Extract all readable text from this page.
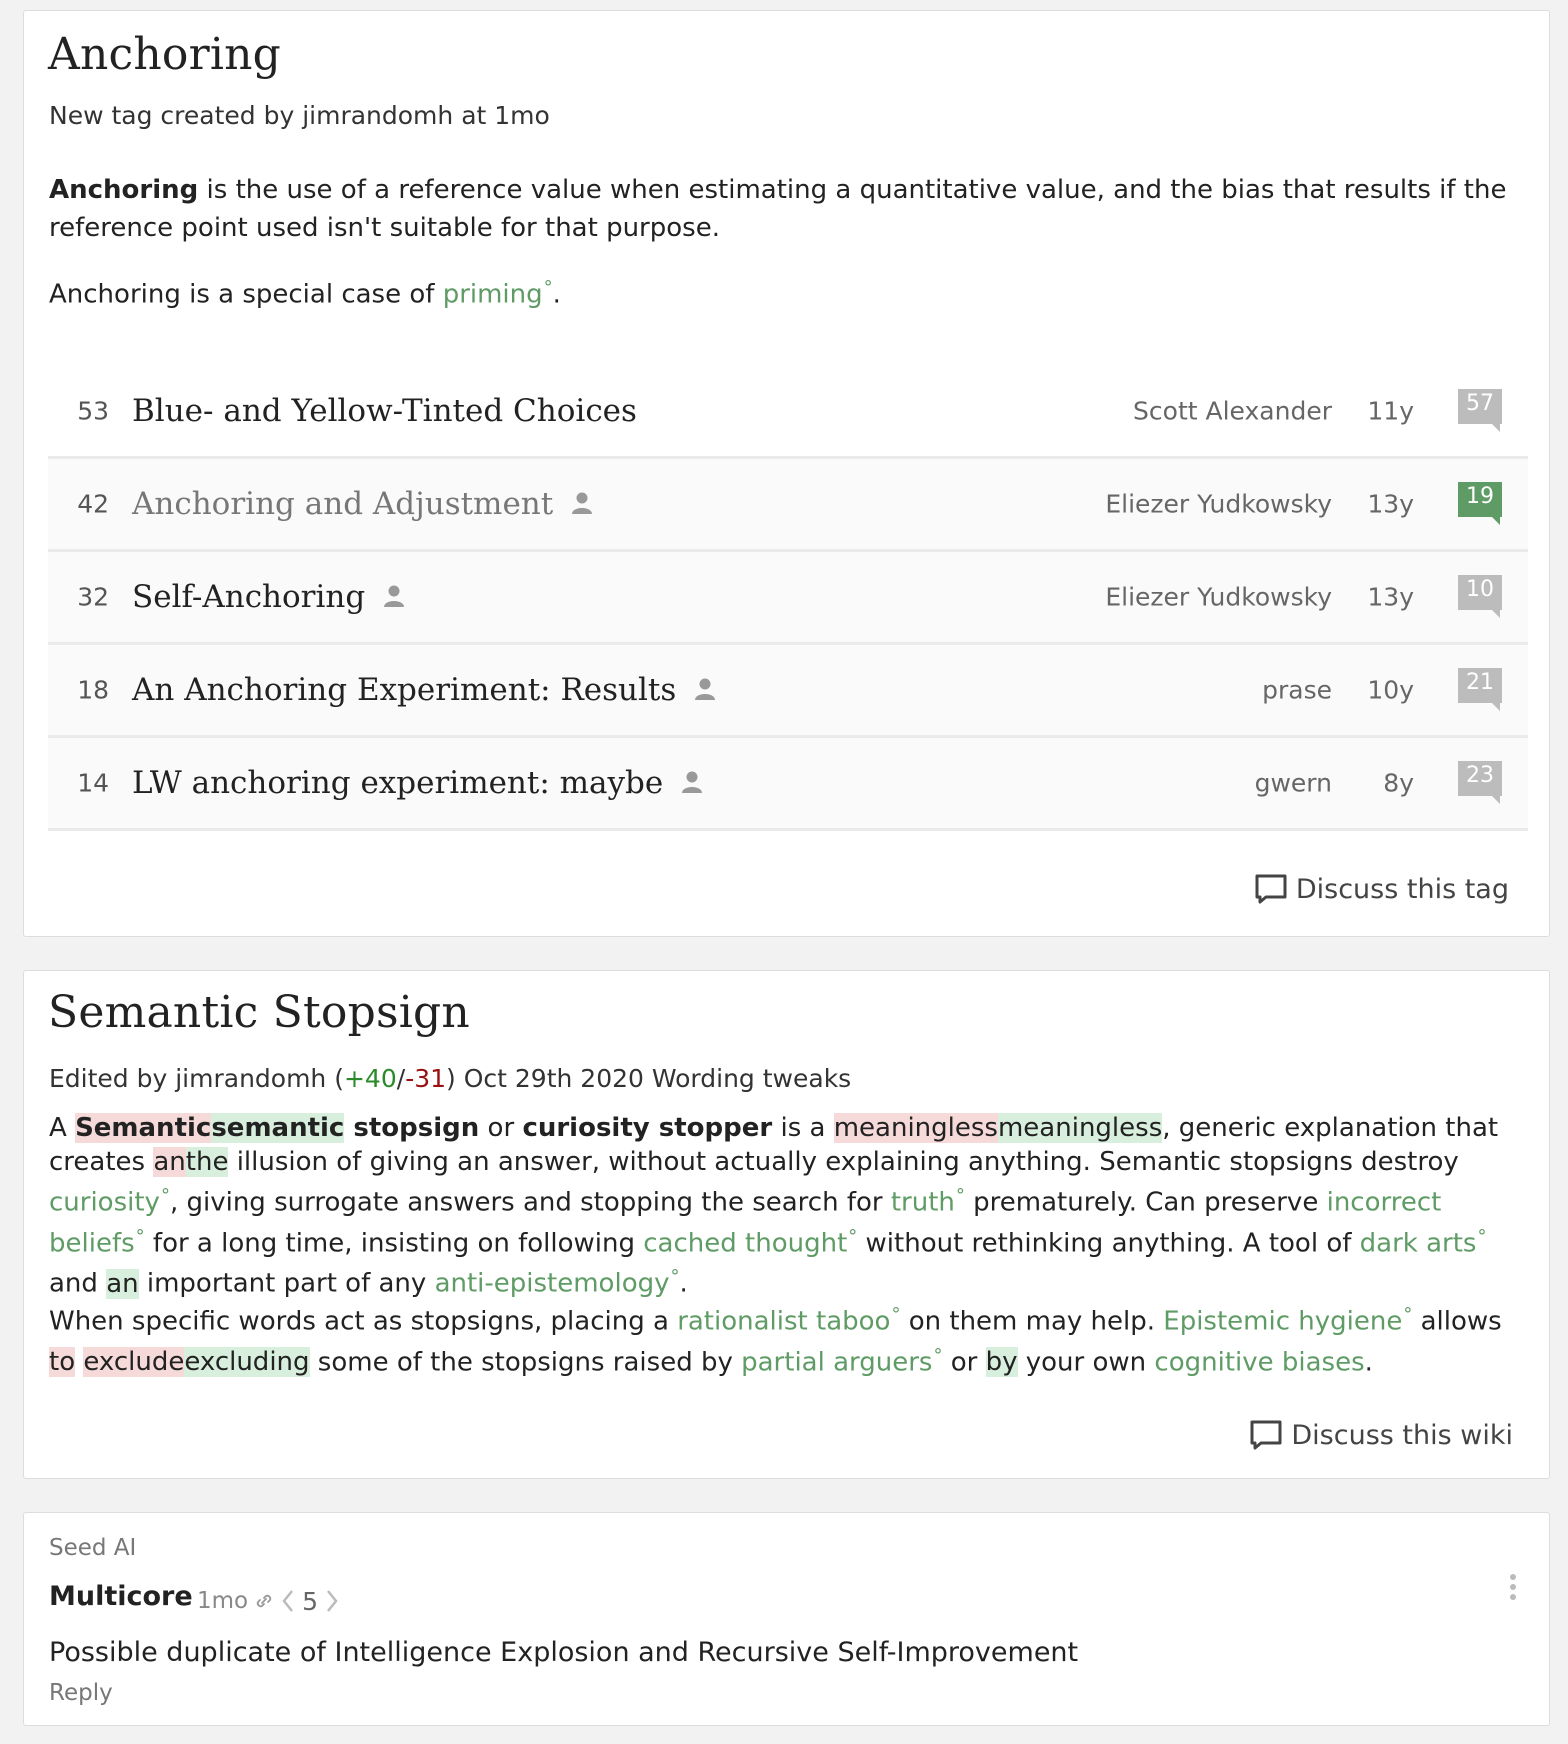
Anchoring
New tag created by jimrandomh at 1mo
Anchoring is the use of a reference value when estimating a quantitative value, and the bias that results if the reference point used isn't suitable for that purpose.
Anchoring is a special case of priming°.
53 Blue- and Yellow-Tinted Choices	Scott Alexander 11y	57
42 Anchoring and Adjustment	Eliezer Yudkowsky 13y	19
32 Self-Anchoring	Eliezer Yudkowsky 13y	10
18 An Anchoring Experiment: Results	prase 10y	21
14 LW anchoring experiment: maybe	gwern 8y	23
Discuss this tag
Semantic Stopsign
Edited by jimrandomh (+40/-31) Oct 29th 2020 Wording tweaks
A Semanticsemantic stopsign or curiosity stopper is a meaninglessmeaningless, generic explanation that creates anthe illusion of giving an answer, without actually explaining anything. Semantic stopsigns destroy curiosity°, giving surrogate answers and stopping the search for truth° prematurely. Can preserve incorrect beliefs° for a long time, insisting on following cached thought° without rethinking anything. A tool of dark arts° and an important part of any anti-epistemology°.
When specific words act as stopsigns, placing a rationalist taboo° on them may help. Epistemic hygiene° allows to excludeexcluding some of the stopsigns raised by partial arguers° or by your own cognitive biases.
Discuss this wiki
Seed AI
Multicore 1mo 5
Possible duplicate of Intelligence Explosion and Recursive Self-Improvement
Reply
